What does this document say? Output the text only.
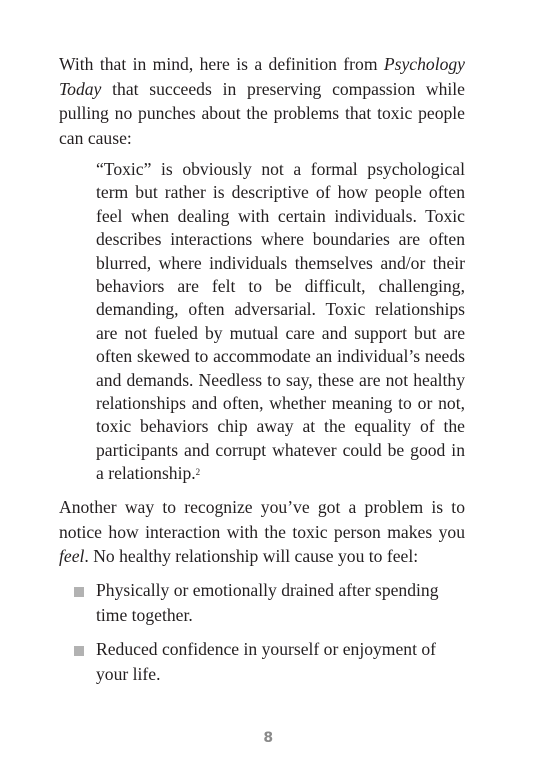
With that in mind, here is a definition from Psychology Today that succeeds in preserving compassion while pulling no punches about the problems that toxic people can cause:

“Toxic” is obviously not a formal psychological term but rather is descriptive of how people often feel when dealing with certain individuals. Toxic describes interactions where boundaries are often blurred, where individuals themselves and/or their behaviors are felt to be difficult, challenging, demanding, often adversarial. Toxic relationships are not fueled by mutual care and support but are often skewed to accommodate an individual’s needs and demands. Needless to say, these are not healthy relationships and often, whether meaning to or not, toxic behaviors chip away at the equality of the participants and corrupt whatever could be good in a relationship.$^2$

Another way to recognize you’ve got a problem is to notice how interaction with the toxic person makes you feel. No healthy relationship will cause you to feel:

Physically or emotionally drained after spending time together.
Reduced confidence in yourself or enjoyment of your life.
8
